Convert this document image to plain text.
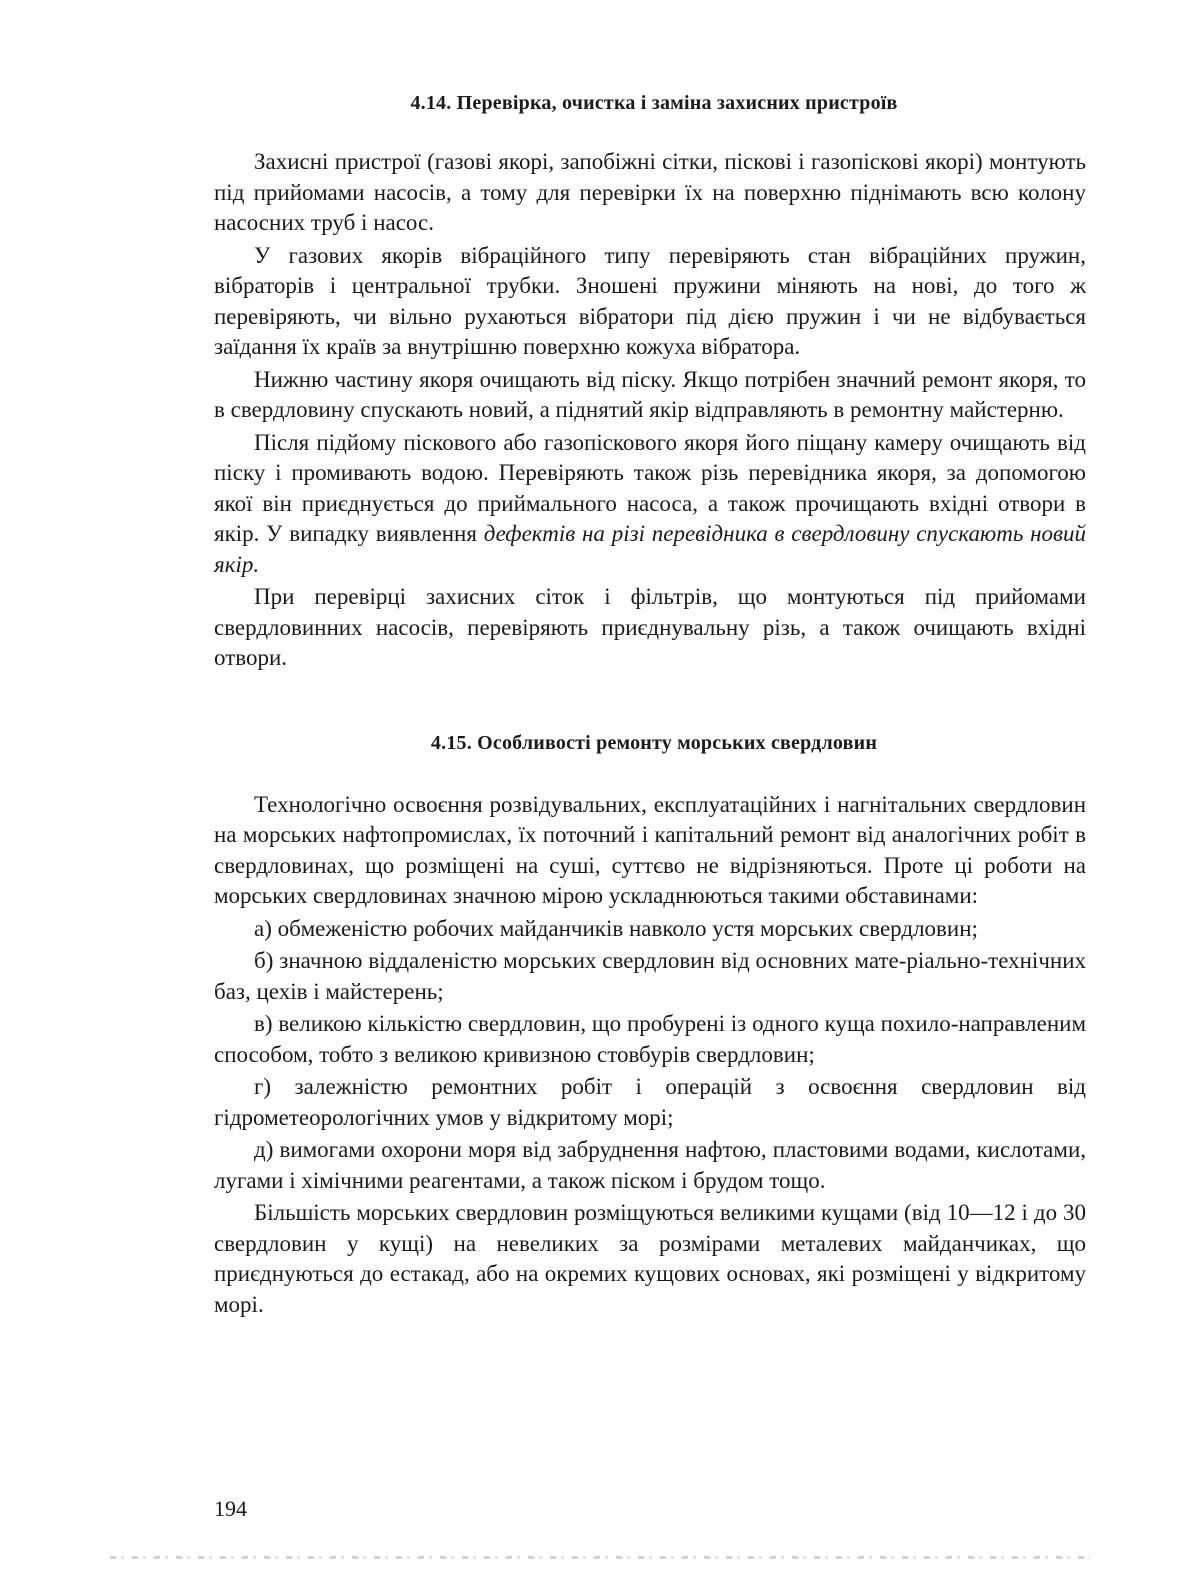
4.14. Перевірка, очистка і заміна захисних пристроїв

Захисні пристрої (газові якорі, запобіжні сітки, піскові і газопіскові якорі) монтують під прийомами насосів, а тому для перевірки їх на поверхню піднімають всю колону насосних труб і насос.

У газових якорів вібраційного типу перевіряють стан вібраційних пружин, вібраторів і центральної трубки. Зношені пружини міняють на нові, до того ж перевіряють, чи вільно рухаються вібратори під дією пружин і чи не відбувається заїдання їх країв за внутрішню поверхню кожуха вібратора.

Нижню частину якоря очищають від піску. Якщо потрібен значний ремонт якоря, то в свердловину спускають новий, а піднятий якір відправляють в ремонтну майстерню.

Після підйому піскового або газопіскового якоря його піщану камеру очищають від піску і промивають водою. Перевіряють також різь перевідника якоря, за допомогою якої він приєднується до приймального насоса, а також прочищають вхідні отвори в якір. У випадку виявлення дефектів на різі перевідника в свердловину спускають новий якір.

При перевірці захисних сіток і фільтрів, що монтуються під прийомами свердловинних насосів, перевіряють приєднувальну різь, а також очищають вхідні отвори.

4.15. Особливості ремонту морських свердловин

Технологічно освоєння розвідувальних, експлуатаційних і нагнітальних свердловин на морських нафтопромислах, їх поточний і капітальний ремонт від аналогічних робіт в свердловинах, що розміщені на суші, суттєво не відрізняються. Проте ці роботи на морських свердловинах значною мірою ускладнюються такими обставинами:

а) обмеженістю робочих майданчиків навколо устя морських свердловин;

б) значною віддаленістю морських свердловин від основних мате-ріально-технічних баз, цехів і майстерень;

в) великою кількістю свердловин, що пробурені із одного куща похило-направленим способом, тобто з великою кривизною стовбурів свердловин;

г) залежністю ремонтних робіт і операцій з освоєння свердловин від гідрометеорологічних умов у відкритому морі;

д) вимогами охорони моря від забруднення нафтою, пластовими водами, кислотами, лугами і хімічними реагентами, а також піском і брудом тощо.

Більшість морських свердловин розміщуються великими кущами (від 10—12 і до 30 свердловин у кущі) на невеликих за розмірами металевих майданчиках, що приєднуються до естакад, або на окремих кущових основах, які розміщені у відкритому морі.

194
